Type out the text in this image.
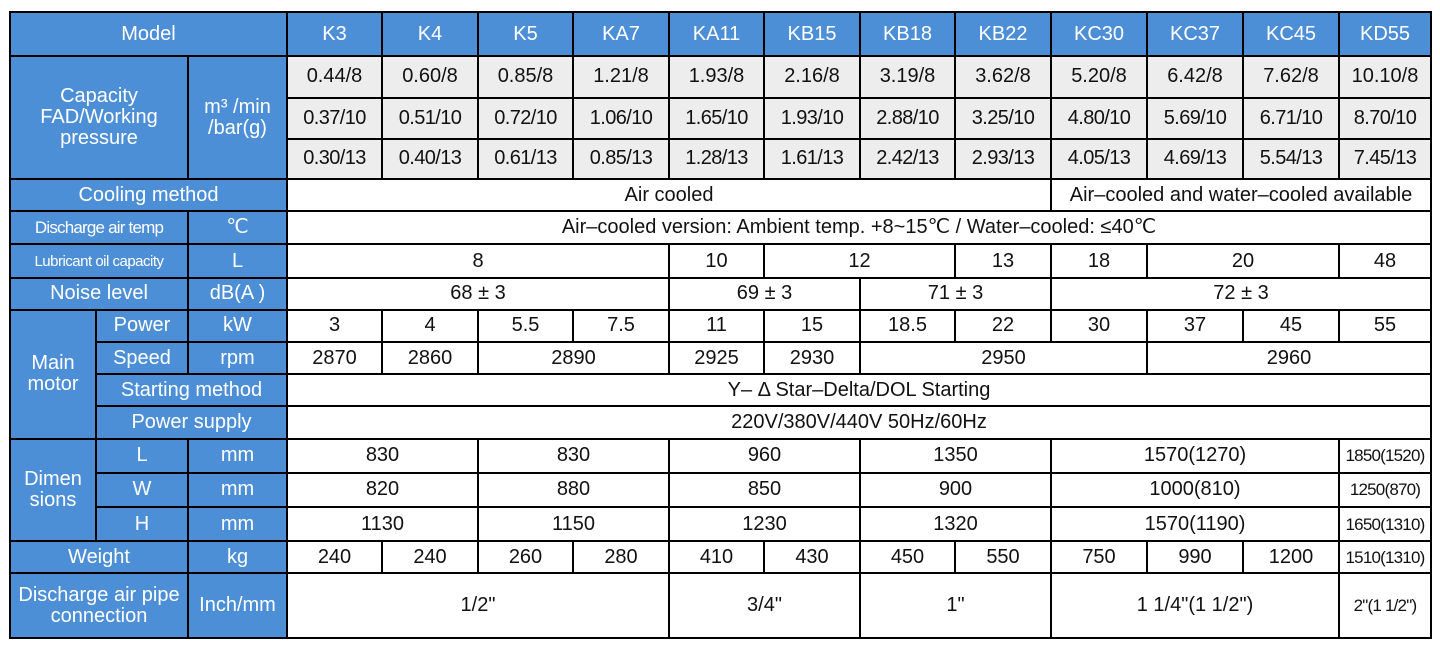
Model			K3	K4	K5	KA7	KA11	KB15	KB18	KB22	KC30	KC37	KC45	KD55	
Capacity FAD/Working pressure		m³ /min /bar(g)	0.44/8	0.60/8	0.85/8	1.21/8	1.93/8	2.16/8	3.19/8	3.62/8	5.20/8	6.42/8	7.62/8	10.10/8	
			0.37/10	0.51/10	0.72/10	1.06/10	1.65/10	1.93/10	2.88/10	3.25/10	4.80/10	5.69/10	6.71/10	8.70/10	
			0.30/13	0.40/13	0.61/13	0.85/13	1.28/13	1.61/13	2.42/13	2.93/13	4.05/13	4.69/13	5.54/13	7.45/13	
Cooling method			Air cooled								Air–cooled and water–cooled available				
Discharge air temp		℃	Air–cooled version: Ambient temp. +8~15℃ / Water–cooled: ≤40℃												
Lubricant oil capacity		L	8				10	12		13	18	20		48	
Noise level		dB(A )	68 ± 3				69 ± 3		71 ± 3		72 ± 3				
Main motor	Power	kW	3	4	5.5	7.5	11	15	18.5	22	30	37	45	55	
	Speed	rpm	2870	2860	2890		2925	2930	2950			2960	
	Starting method		Y– Δ Star–Delta/DOL Starting												
	Power supply		220V/380V/440V 50Hz/60Hz												
Dimen sions	L	mm	830		830		960		1350		1570(1270)			1850(1520)	
	W	mm	820		880		850		900		1000(810)			1250(870)	
	H	mm	1130		1150		1230		1320		1570(1190)			1650(1310)	
Weight		kg	240	240	260	280	410	430	450	550	750	990	1200	1510(1310)	
Discharge air pipe connection		Inch/mm	1/2"				3/4"		1"		1 1/4"(1 1/2")			2"(1 1/2")	
